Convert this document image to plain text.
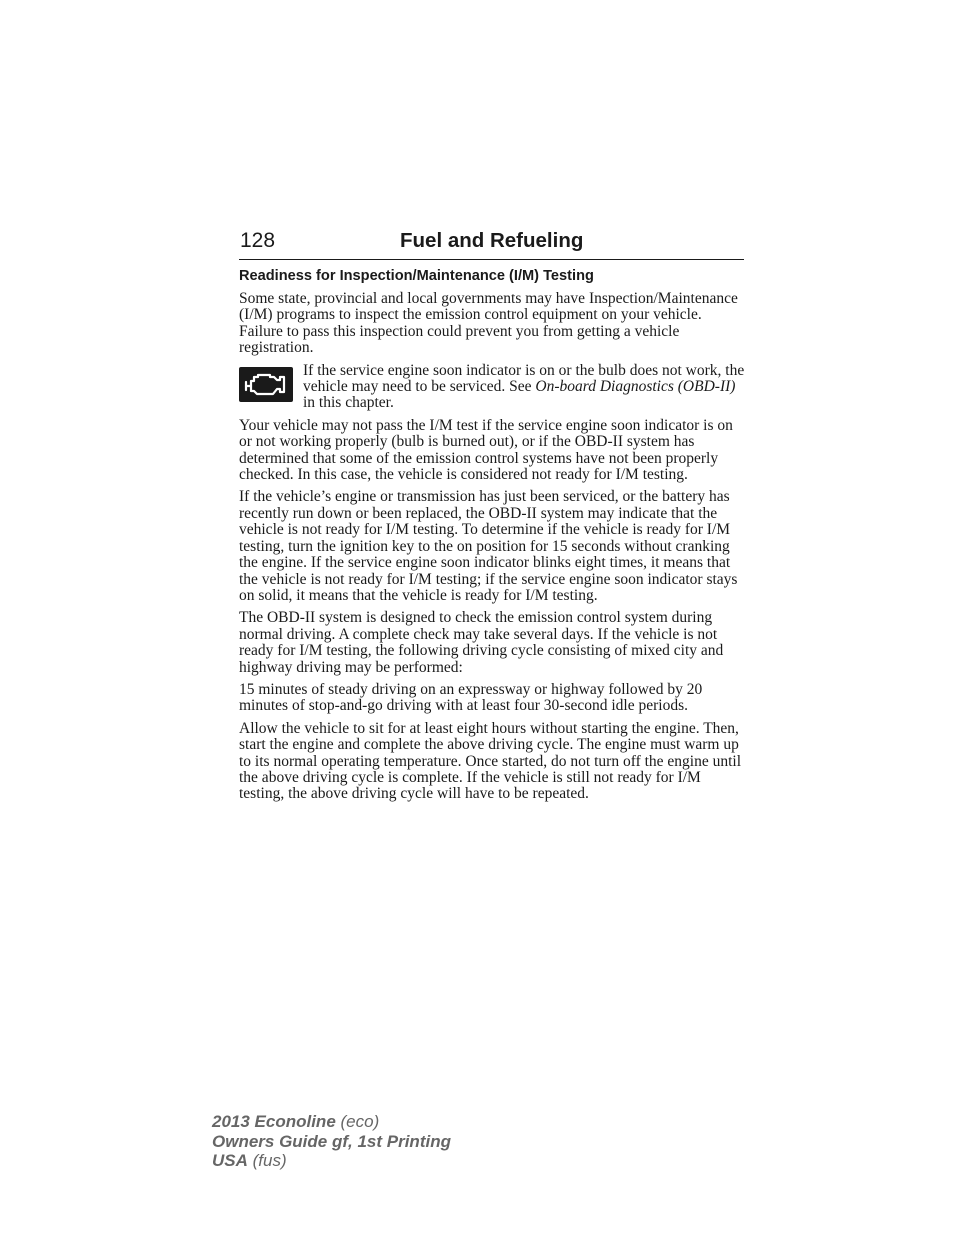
128	Fuel and Refueling
Readiness for Inspection/Maintenance (I/M) Testing

Some state, provincial and local governments may have Inspection/Maintenance (I/M) programs to inspect the emission control equipment on your vehicle. Failure to pass this inspection could prevent you from getting a vehicle registration.

If the service engine soon indicator is on or the bulb does not work, the vehicle may need to be serviced. See On-board Diagnostics (OBD-II) in this chapter.

Your vehicle may not pass the I/M test if the service engine soon indicator is on or not working properly (bulb is burned out), or if the OBD-II system has determined that some of the emission control systems have not been properly checked. In this case, the vehicle is considered not ready for I/M testing.

If the vehicle’s engine or transmission has just been serviced, or the battery has recently run down or been replaced, the OBD-II system may indicate that the vehicle is not ready for I/M testing. To determine if the vehicle is ready for I/M testing, turn the ignition key to the on position for 15 seconds without cranking the engine. If the service engine soon indicator blinks eight times, it means that the vehicle is not ready for I/M testing; if the service engine soon indicator stays on solid, it means that the vehicle is ready for I/M testing.

The OBD-II system is designed to check the emission control system during normal driving. A complete check may take several days. If the vehicle is not ready for I/M testing, the following driving cycle consisting of mixed city and highway driving may be performed:

15 minutes of steady driving on an expressway or highway followed by 20 minutes of stop-and-go driving with at least four 30-second idle periods.

Allow the vehicle to sit for at least eight hours without starting the engine. Then, start the engine and complete the above driving cycle. The engine must warm up to its normal operating temperature. Once started, do not turn off the engine until the above driving cycle is complete. If the vehicle is still not ready for I/M testing, the above driving cycle will have to be repeated.

2013 Econoline (eco)
Owners Guide gf, 1st Printing
USA (fus)
